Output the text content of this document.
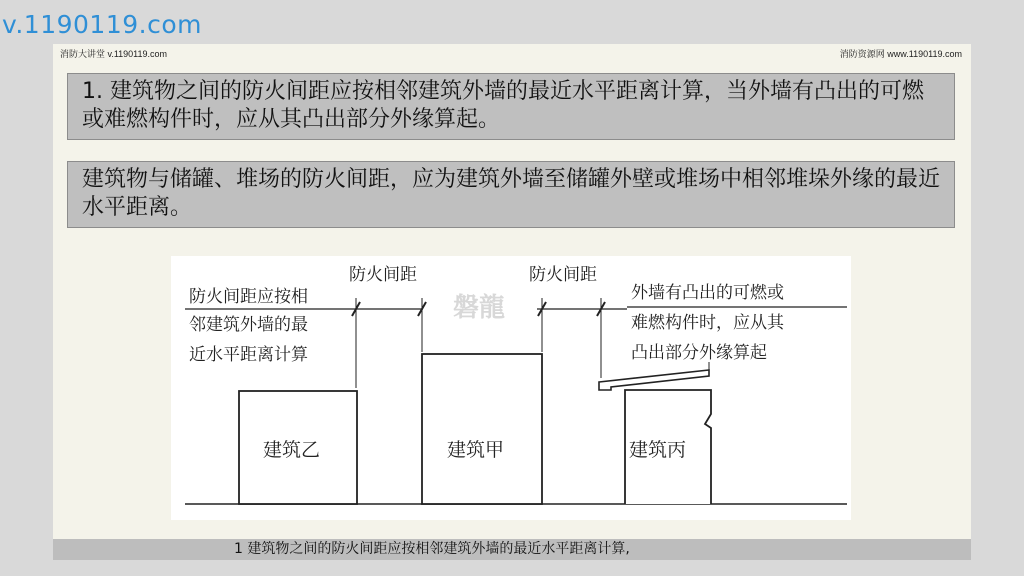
v.1190119.com
消防大讲堂 v.1190119.com	消防资源网 www.1190119.com
1. 建筑物之间的防火间距应按相邻建筑外墙的最近水平距离计算，当外墙有凸出的可燃或难燃构件时，应从其凸出部分外缘算起。
建筑物与储罐、堆场的防火间距，应为建筑外墙至储罐外壁或堆场中相邻堆垛外缘的最近水平距离。
磐龍
防火间距	防火间距
防火间距应按相
邻建筑外墙的最
近水平距离计算
外墙有凸出的可燃或
难燃构件时，应从其
凸出部分外缘算起
建筑乙	建筑甲	建筑丙
1 建筑物之间的防火间距应按相邻建筑外墙的最近水平距离计算,
